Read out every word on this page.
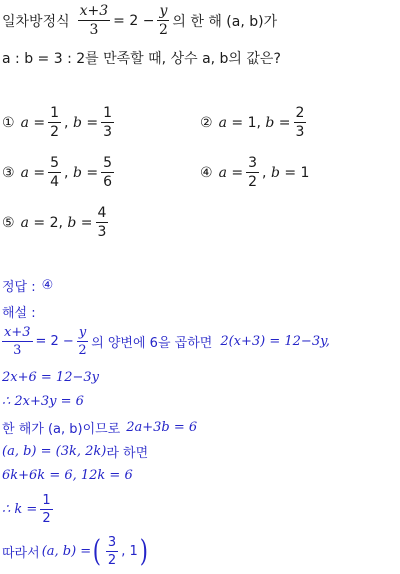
일차방정식 $\frac{x+3}{3} = 2 - \frac{y}{2}$ 의 한 해 (a, b)가
a : b = 3 : 2를 만족할 때, 상수 a, b의 값은?
① $a = \frac{1}{2}$ , $b = \frac{1}{3}$	② a = 1 , $b = \frac{2}{3}$
③ $a = \frac{5}{4}$ , $b = \frac{5}{6}$	④ $a = \frac{3}{2}$ , b = 1
⑤ a = 2 , $b = \frac{4}{3}$
정답 : ④
해설 :
$\frac{x+3}{3} = 2 - \frac{y}{2}$ 의 양변에 6을 곱하면 2(x+3) = 12−3y,
2x+6 = 12−3y
∴ 2x+3y = 6
한 해가 (a, b)이므로 2a+3b = 6
(a, b) = (3k, 2k) 라 하면
6k+6k = 6, 12k = 6
∴ $k = \frac{1}{2}$
따라서 (a, b) = ( $\frac{3}{2}$ , 1 )
